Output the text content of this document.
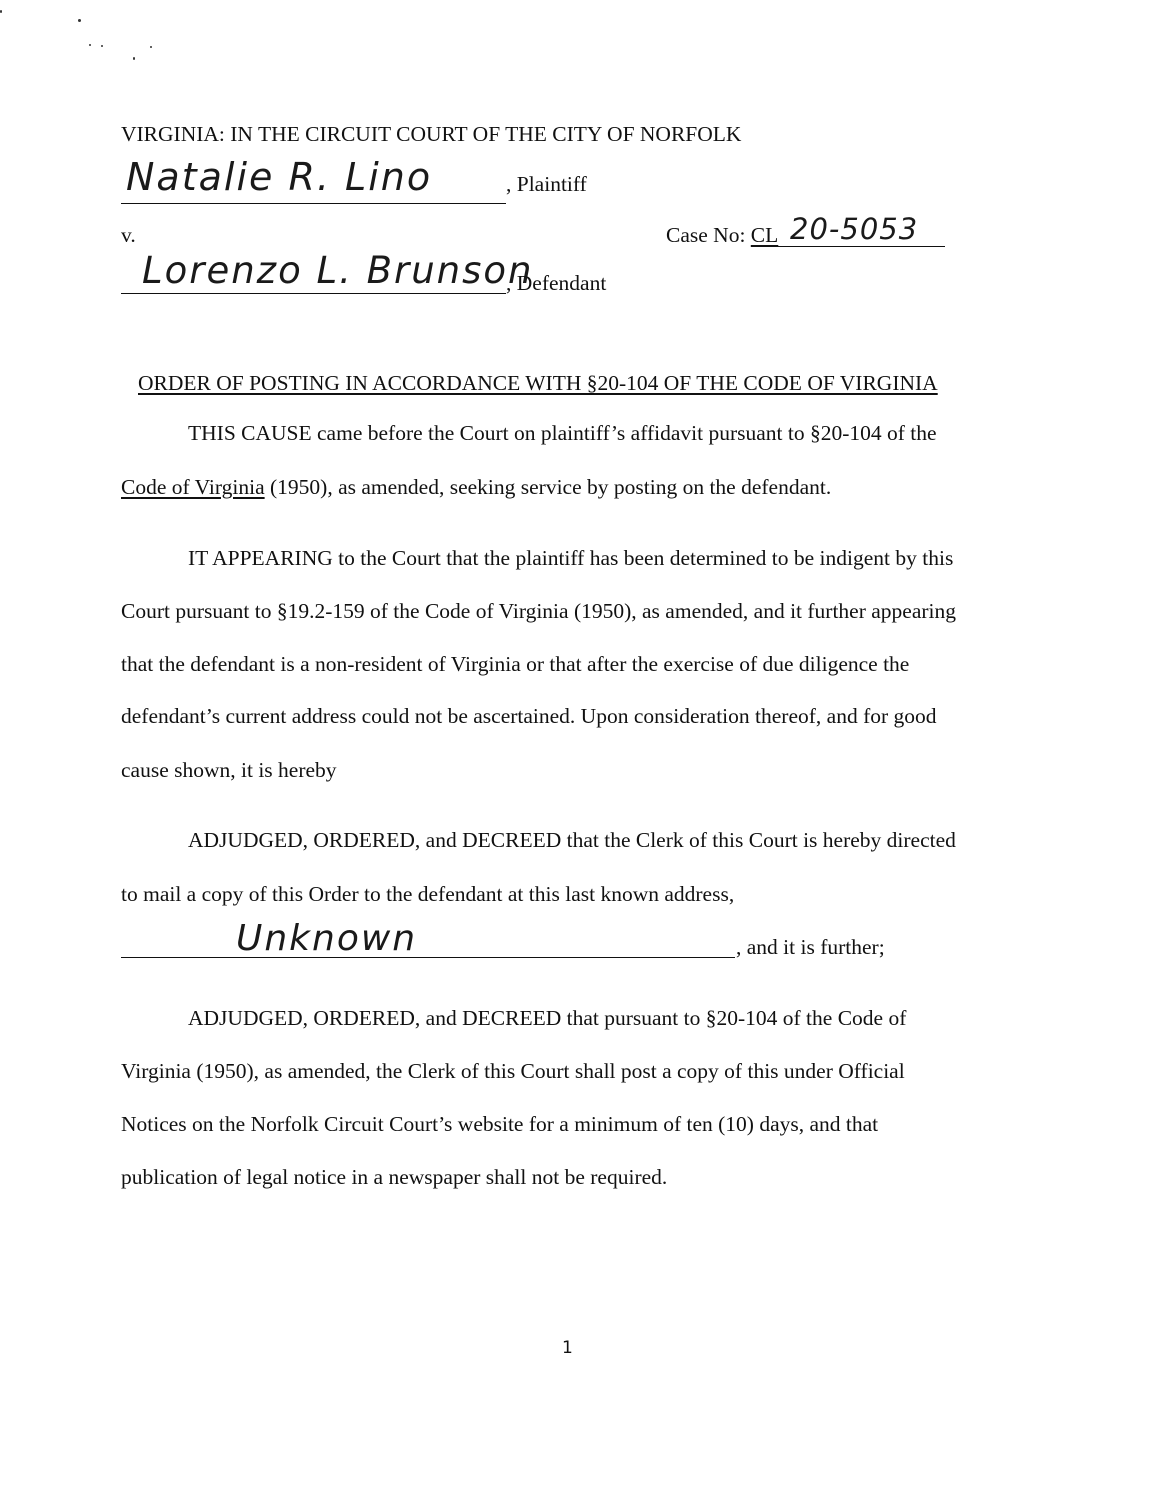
VIRGINIA: IN THE CIRCUIT COURT OF THE CITY OF NORFOLK
Natalie R. Lino	, Plaintiff
v.	Case No: CL 20-5053
Lorenzo L. Brunson
, Defendant
ORDER OF POSTING IN ACCORDANCE WITH §20-104 OF THE CODE OF VIRGINIA
THIS CAUSE came before the Court on plaintiff’s affidavit pursuant to §20-104 of the
Code of Virginia (1950), as amended, seeking service by posting on the defendant.
IT APPEARING to the Court that the plaintiff has been determined to be indigent by this
Court pursuant to §19.2-159 of the Code of Virginia (1950), as amended, and it further appearing
that the defendant is a non-resident of Virginia or that after the exercise of due diligence the
defendant’s current address could not be ascertained. Upon consideration thereof, and for good
cause shown, it is hereby
ADJUDGED, ORDERED, and DECREED that the Clerk of this Court is hereby directed
to mail a copy of this Order to the defendant at this last known address,
Unknown	, and it is further;
ADJUDGED, ORDERED, and DECREED that pursuant to §20-104 of the Code of
Virginia (1950), as amended, the Clerk of this Court shall post a copy of this under Official
Notices on the Norfolk Circuit Court’s website for a minimum of ten (10) days, and that
publication of legal notice in a newspaper shall not be required.
1
